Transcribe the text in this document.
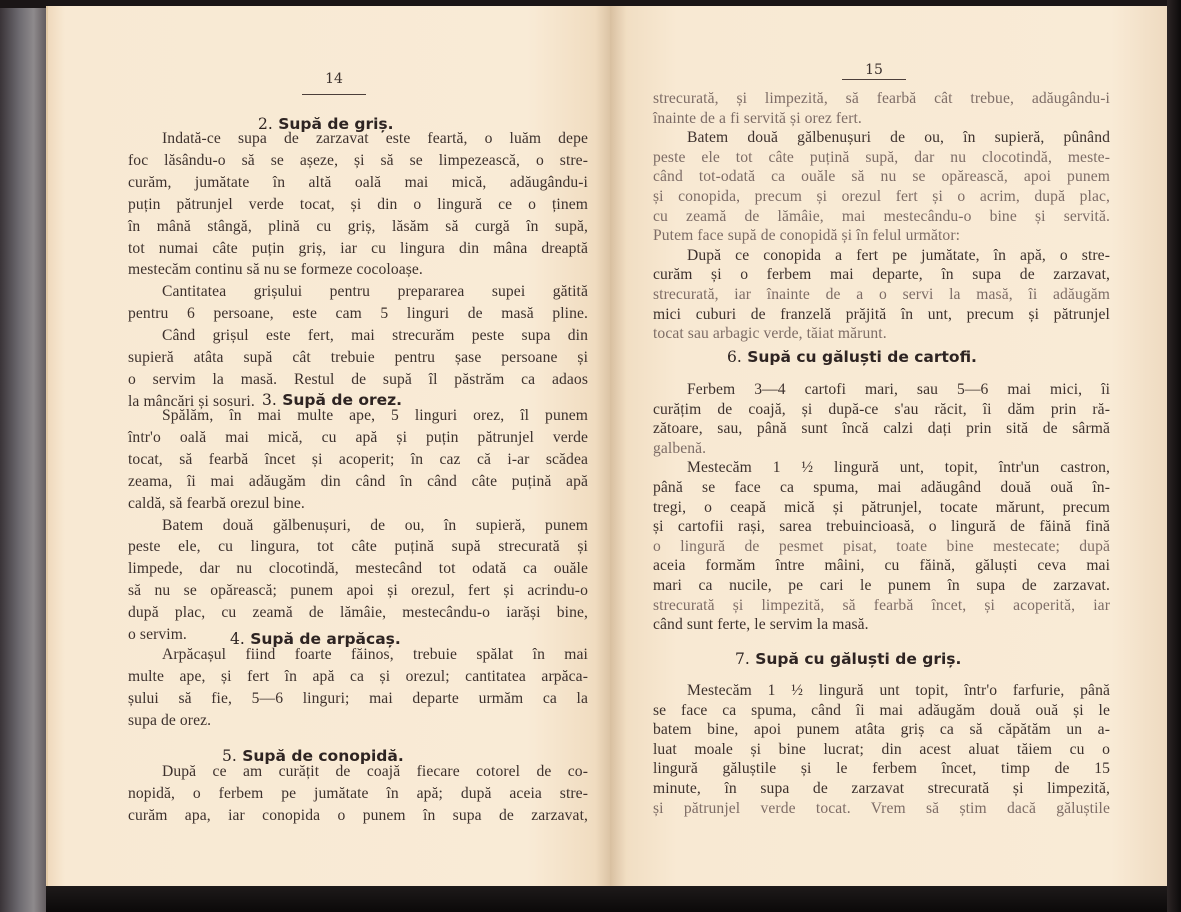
14
2. Supă de griș.
3. Supă de orez.
4. Supă de arpăcaș.
5. Supă de conopidă.
Indată-ce supa de zarzavat este feartă, o luăm depe
foc lăsându-o să se așeze, și să se limpezească, o stre-
curăm, jumătate în altă oală mai mică, adăugându-i
puțin pătrunjel verde tocat, și din o lingură ce o ținem
în mână stângă, plină cu griș, lăsăm să curgă în supă,
tot numai câte puțin griș, iar cu lingura din mâna dreaptă
mestecăm continu să nu se formeze cocoloașe.
Cantitatea grișului pentru prepararea supei gătită
pentru 6 persoane, este cam 5 linguri de masă pline.
Când grișul este fert, mai strecurăm peste supa din
supieră atâta supă cât trebuie pentru șase persoane și
o servim la masă. Restul de supă îl păstrăm ca adaos
la mâncări și sosuri.
Spălăm, în mai multe ape, 5 linguri orez, îl punem
într'o oală mai mică, cu apă și puțin pătrunjel verde
tocat, să fearbă încet și acoperit; în caz că i-ar scădea
zeama, îi mai adăugăm din când în când câte puțină apă
caldă, să fearbă orezul bine.
Batem două gălbenușuri, de ou, în supieră, punem
peste ele, cu lingura, tot câte puțină supă strecurată și
limpede, dar nu clocotindă, mestecând tot odată ca ouăle
să nu se opărească; punem apoi și orezul, fert și acrindu-o
după plac, cu zeamă de lămâie, mestecându-o iarăși bine,
o servim.
Arpăcașul fiind foarte făinos, trebuie spălat în mai
multe ape, și fert în apă ca și orezul; cantitatea arpăca-
șului să fie, 5—6 linguri; mai departe urmăm ca la
supa de orez.
După ce am curățit de coajă fiecare cotorel de co-
nopidă, o ferbem pe jumătate în apă; după aceia stre-
curăm apa, iar conopida o punem în supa de zarzavat,
15
6. Supă cu găluști de cartofi.
7. Supă cu găluști de griș.
strecurată, și limpezită, să fearbă cât trebue, adăugându-i
înainte de a fi servită și orez fert.
Batem două gălbenușuri de ou, în supieră, pûnând
peste ele tot câte puțină supă, dar nu clocotindă, meste-
când tot-odată ca ouăle să nu se opărească, apoi punem
și conopida, precum și orezul fert și o acrim, după plac,
cu zeamă de lămâie, mai mestecându-o bine și servită.
Putem face supă de conopidă și în felul următor:
După ce conopida a fert pe jumătate, în apă, o stre-
curăm și o ferbem mai departe, în supa de zarzavat,
strecurată, iar înainte de a o servi la masă, îi adăugăm
mici cuburi de franzelă prăjită în unt, precum și pătrunjel
tocat sau arbagic verde, tăiat mărunt.
Ferbem 3—4 cartofi mari, sau 5—6 mai mici, îi
curățim de coajă, și după-ce s'au răcit, îi dăm prin ră-
zătoare, sau, până sunt încă calzi dați prin sită de sârmă
galbenă.
Mestecăm 1 ½ lingură unt, topit, într'un castron,
până se face ca spuma, mai adăugând două ouă în-
tregi, o ceapă mică și pătrunjel, tocate mărunt, precum
și cartofii rași, sarea trebuincioasă, o lingură de făină fină
o lingură de pesmet pisat, toate bine mestecate; după
aceia formăm între mâini, cu făină, găluști ceva mai
mari ca nucile, pe cari le punem în supa de zarzavat.
strecurată și limpezită, să fearbă încet, și acoperită, iar
când sunt ferte, le servim la masă.
Mestecăm 1 ½ lingură unt topit, într'o farfurie, până
se face ca spuma, când îi mai adăugăm două ouă și le
batem bine, apoi punem atâta griș ca să căpătăm un a-
luat moale și bine lucrat; din acest aluat tăiem cu o
lingură găluștile și le ferbem încet, timp de 15
minute, în supa de zarzavat strecurată și limpezită,
și pătrunjel verde tocat. Vrem să știm dacă găluștile
